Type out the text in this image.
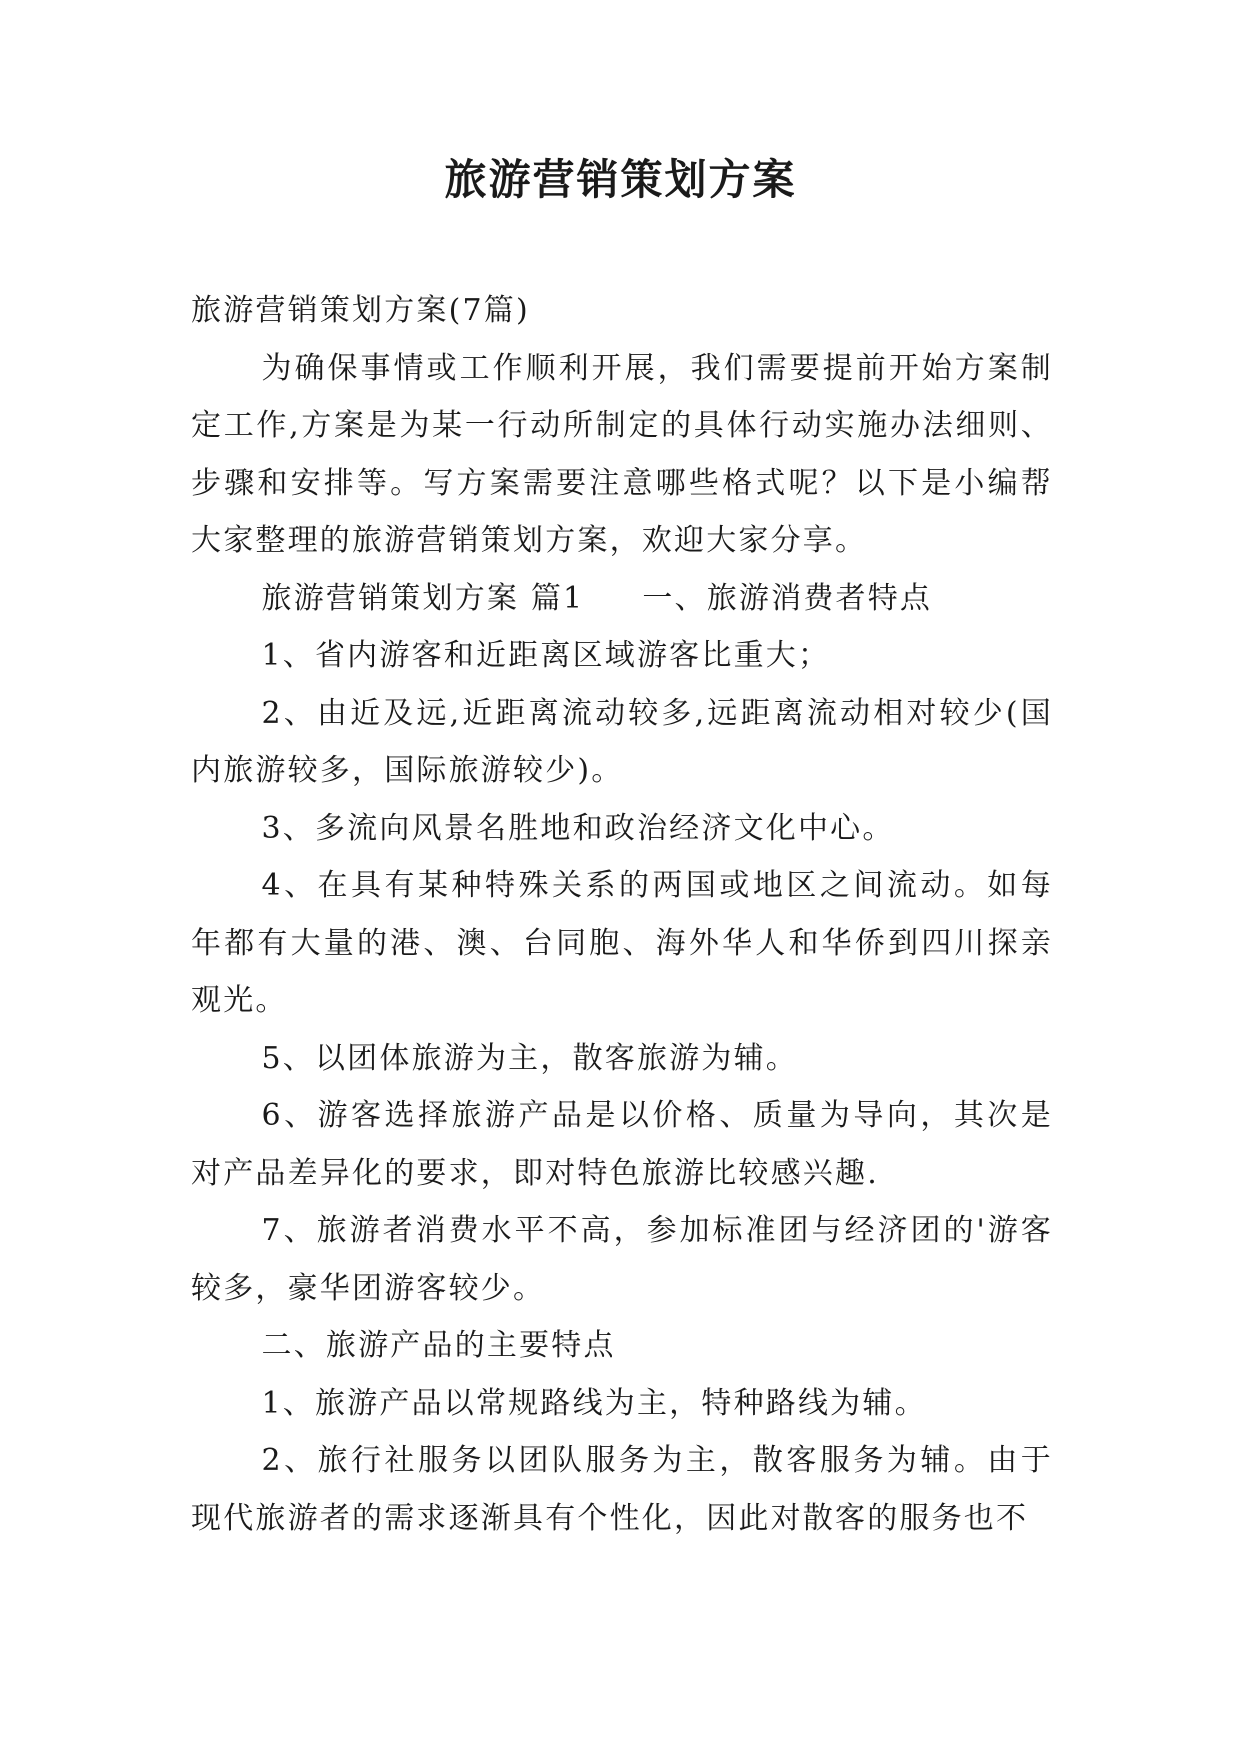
旅游营销策划方案

旅游营销策划方案(7篇)

为确保事情或工作顺利开展，我们需要提前开始方案制定工作,方案是为某一行动所制定的具体行动实施办法细则、步骤和安排等。写方案需要注意哪些格式呢？以下是小编帮大家整理的旅游营销策划方案，欢迎大家分享。

旅游营销策划方案 篇1 一、旅游消费者特点

1、省内游客和近距离区域游客比重大；

2、由近及远,近距离流动较多,远距离流动相对较少(国内旅游较多，国际旅游较少)。

3、多流向风景名胜地和政治经济文化中心。

4、在具有某种特殊关系的两国或地区之间流动。如每年都有大量的港、澳、台同胞、海外华人和华侨到四川探亲观光。

5、以团体旅游为主，散客旅游为辅。

6、游客选择旅游产品是以价格、质量为导向，其次是对产品差异化的要求，即对特色旅游比较感兴趣.

7、旅游者消费水平不高，参加标准团与经济团的'游客较多，豪华团游客较少。

二、旅游产品的主要特点

1、旅游产品以常规路线为主，特种路线为辅。

2、旅行社服务以团队服务为主，散客服务为辅。由于现代旅游者的需求逐渐具有个性化，因此对散客的服务也不
